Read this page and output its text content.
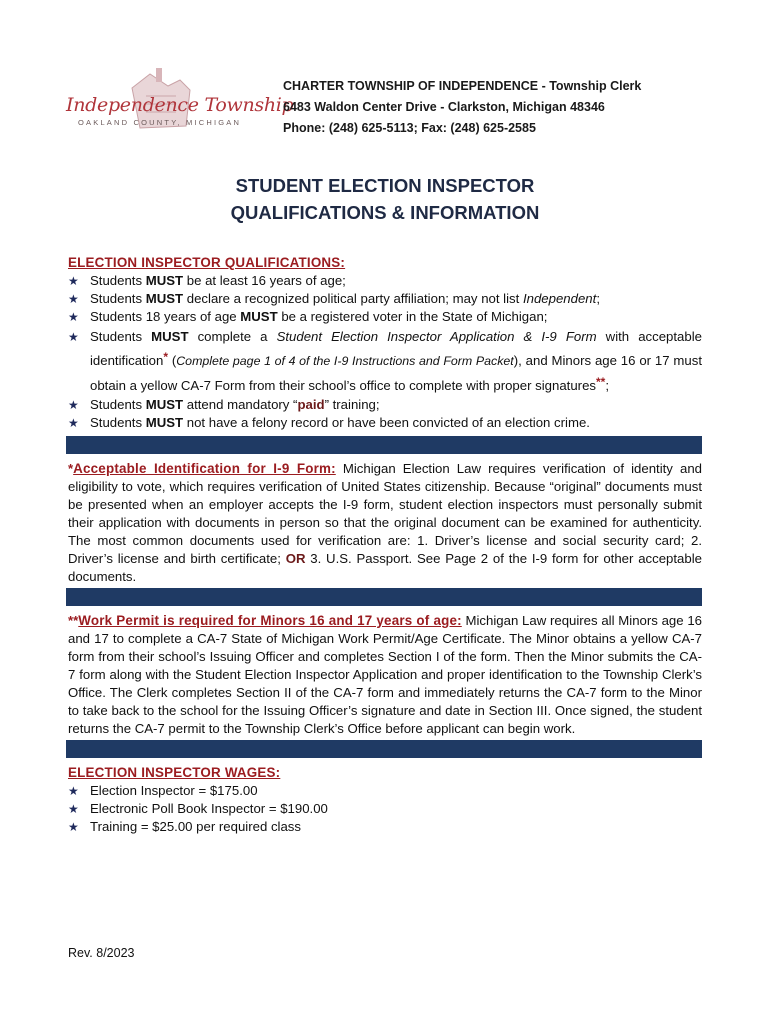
Independence Township
OAKLAND COUNTY, MICHIGAN
CHARTER TOWNSHIP OF INDEPENDENCE - Township Clerk
6483 Waldon Center Drive - Clarkston, Michigan 48346
Phone: (248) 625-5113; Fax: (248) 625-2585
STUDENT ELECTION INSPECTOR
QUALIFICATIONS & INFORMATION
ELECTION INSPECTOR QUALIFICATIONS:
★ Students MUST be at least 16 years of age;
★ Students MUST declare a recognized political party affiliation; may not list Independent;
★ Students 18 years of age MUST be a registered voter in the State of Michigan;
★ Students MUST complete a Student Election Inspector Application & I-9 Form with acceptable identification* (Complete page 1 of 4 of the I-9 Instructions and Form Packet), and Minors age 16 or 17 must obtain a yellow CA-7 Form from their school’s office to complete with proper signatures**;
★ Students MUST attend mandatory “paid” training;
★ Students MUST not have a felony record or have been convicted of an election crime.

*Acceptable Identification for I-9 Form: Michigan Election Law requires verification of identity and eligibility to vote, which requires verification of United States citizenship. Because “original” documents must be presented when an employer accepts the I-9 form, student election inspectors must personally submit their application with documents in person so that the original document can be examined for authenticity. The most common documents used for verification are: 1. Driver’s license and social security card; 2. Driver’s license and birth certificate; OR 3. U.S. Passport. See Page 2 of the I-9 form for other acceptable documents.

**Work Permit is required for Minors 16 and 17 years of age: Michigan Law requires all Minors age 16 and 17 to complete a CA-7 State of Michigan Work Permit/Age Certificate. The Minor obtains a yellow CA-7 form from their school’s Issuing Officer and completes Section I of the form. Then the Minor submits the CA-7 form along with the Student Election Inspector Application and proper identification to the Township Clerk’s Office. The Clerk completes Section II of the CA-7 form and immediately returns the CA-7 form to the Minor to take back to the school for the Issuing Officer’s signature and date in Section III. Once signed, the student returns the CA-7 permit to the Township Clerk’s Office before applicant can begin work.

ELECTION INSPECTOR WAGES:
★ Election Inspector = $175.00
★ Electronic Poll Book Inspector = $190.00
★ Training = $25.00 per required class
Rev. 8/2023
